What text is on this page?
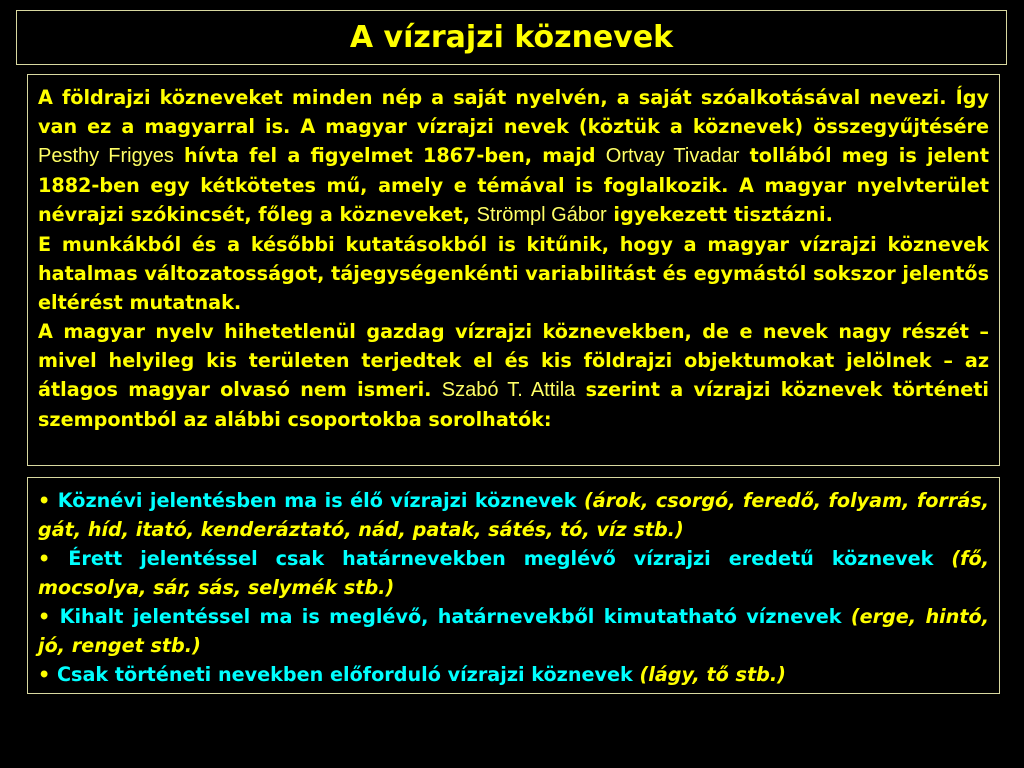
A vízrajzi köznevek

A földrajzi közneveket minden nép a saját nyelvén, a saját szóalkotásával nevezi. Így van ez a magyarral is. A magyar vízrajzi nevek (köztük a köznevek) összegyűjtésére Pesthy Frigyes hívta fel a figyelmet 1867-ben, majd Ortvay Tivadar tollából meg is jelent 1882-ben egy kétkötetes mű, amely e témával is foglalkozik. A magyar nyelvterület névrajzi szókincsét, főleg a közneveket, Strömpl Gábor igyekezett tisztázni.

E munkákból és a későbbi kutatásokból is kitűnik, hogy a magyar vízrajzi köznevek hatalmas változatosságot, tájegységenkénti variabilitást és egymástól sokszor jelentős eltérést mutatnak.

A magyar nyelv hihetetlenül gazdag vízrajzi köznevekben, de e nevek nagy részét – mivel helyileg kis területen terjedtek el és kis földrajzi objektumokat jelölnek – az átlagos magyar olvasó nem ismeri. Szabó T. Attila szerint a vízrajzi köznevek történeti szempontból az alábbi csoportokba sorolhatók:

• Köznévi jelentésben ma is élő vízrajzi köznevek (árok, csorgó, feredő, folyam, forrás, gát, híd, itató, kenderáztató, nád, patak, sátés, tó, víz stb.)

• Érett jelentéssel csak határnevekben meglévő vízrajzi eredetű köznevek (fő, mocsolya, sár, sás, selymék stb.)

• Kihalt jelentéssel ma is meglévő, határnevekből kimutatható víznevek (erge, hintó, jó, renget stb.)

• Csak történeti nevekben előforduló vízrajzi köznevek (lágy, tő stb.)
